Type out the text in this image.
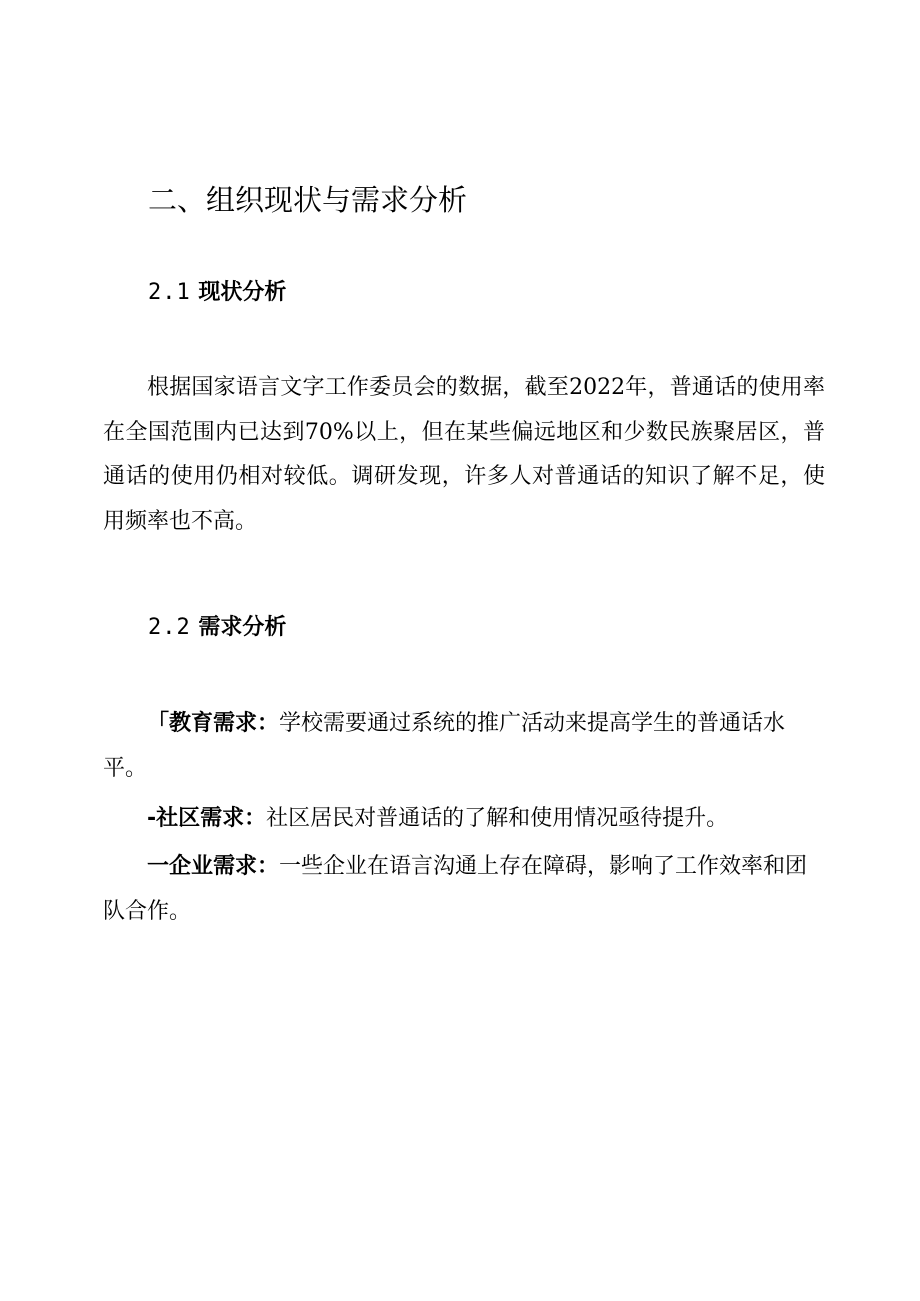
二、组织现状与需求分析
2.1 现状分析

根据国家语言文字工作委员会的数据，截至2022年，普通话的使用率在全国范围内已达到70%以上，但在某些偏远地区和少数民族聚居区，普通话的使用仍相对较低。调研发现，许多人对普通话的知识了解不足，使用频率也不高。

2.2 需求分析

「教育需求：学校需要通过系统的推广活动来提高学生的普通话水平。

-社区需求：社区居民对普通话的了解和使用情况亟待提升。

一企业需求：一些企业在语言沟通上存在障碍，影响了工作效率和团队合作。
